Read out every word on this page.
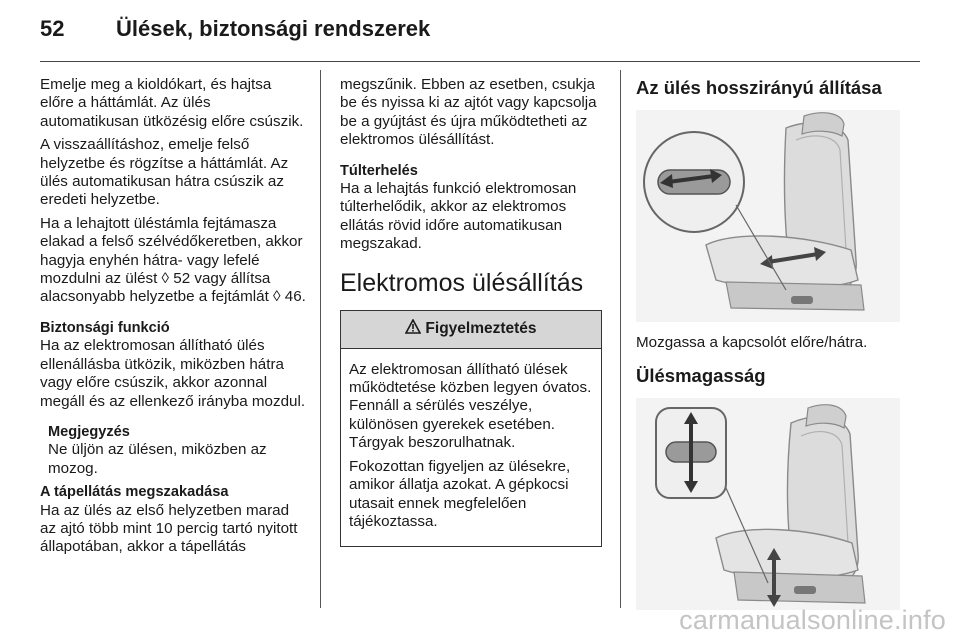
52 Ülések, biztonsági rendszerek

Emelje meg a kioldókart, és hajtsa előre a háttámlát. Az ülés automatikusan ütközésig előre csúszik.

A visszaállításhoz, emelje felső helyzetbe és rögzítse a háttámlát. Az ülés automatikusan hátra csúszik az eredeti helyzetbe.

Ha a lehajtott üléstámla fejtámasza elakad a felső szélvédőkeretben, akkor hagyja enyhén hátra- vagy lefelé mozdulni az ülést ◊ 52 vagy állítsa alacsonyabb helyzetbe a fejtámlát ◊ 46.

Biztonsági funkció

Ha az elektromosan állítható ülés ellenállásba ütközik, miközben hátra vagy előre csúszik, akkor azonnal megáll és az ellenkező irányba mozdul.

Megjegyzés

Ne üljön az ülésen, miközben az mozog.

A tápellátás megszakadása

Ha az ülés az első helyzetben marad az ajtó több mint 10 percig tartó nyitott állapotában, akkor a tápellátás

megszűnik. Ebben az esetben, csukja be és nyissa ki az ajtót vagy kapcsolja be a gyújtást és újra működtetheti az elektromos ülésállítást.

Túlterhelés

Ha a lehajtás funkció elektromosan túlterhelődik, akkor az elektromos ellátás rövid időre automatikusan megszakad.

Elektromos ülésállítás
Figyelmeztetés

Az elektromosan állítható ülések működtetése közben legyen óvatos. Fennáll a sérülés veszélye, különösen gyerekek esetében. Tárgyak beszorulhatnak.

Fokozottan figyeljen az ülésekre, amikor állatja azokat. A gépkocsi utasait ennek megfelelően tájékoztassa.

Az ülés hosszirányú állítása

Mozgassa a kapcsolót előre/hátra.

Ülésmagasság
carmanualsonline.info
